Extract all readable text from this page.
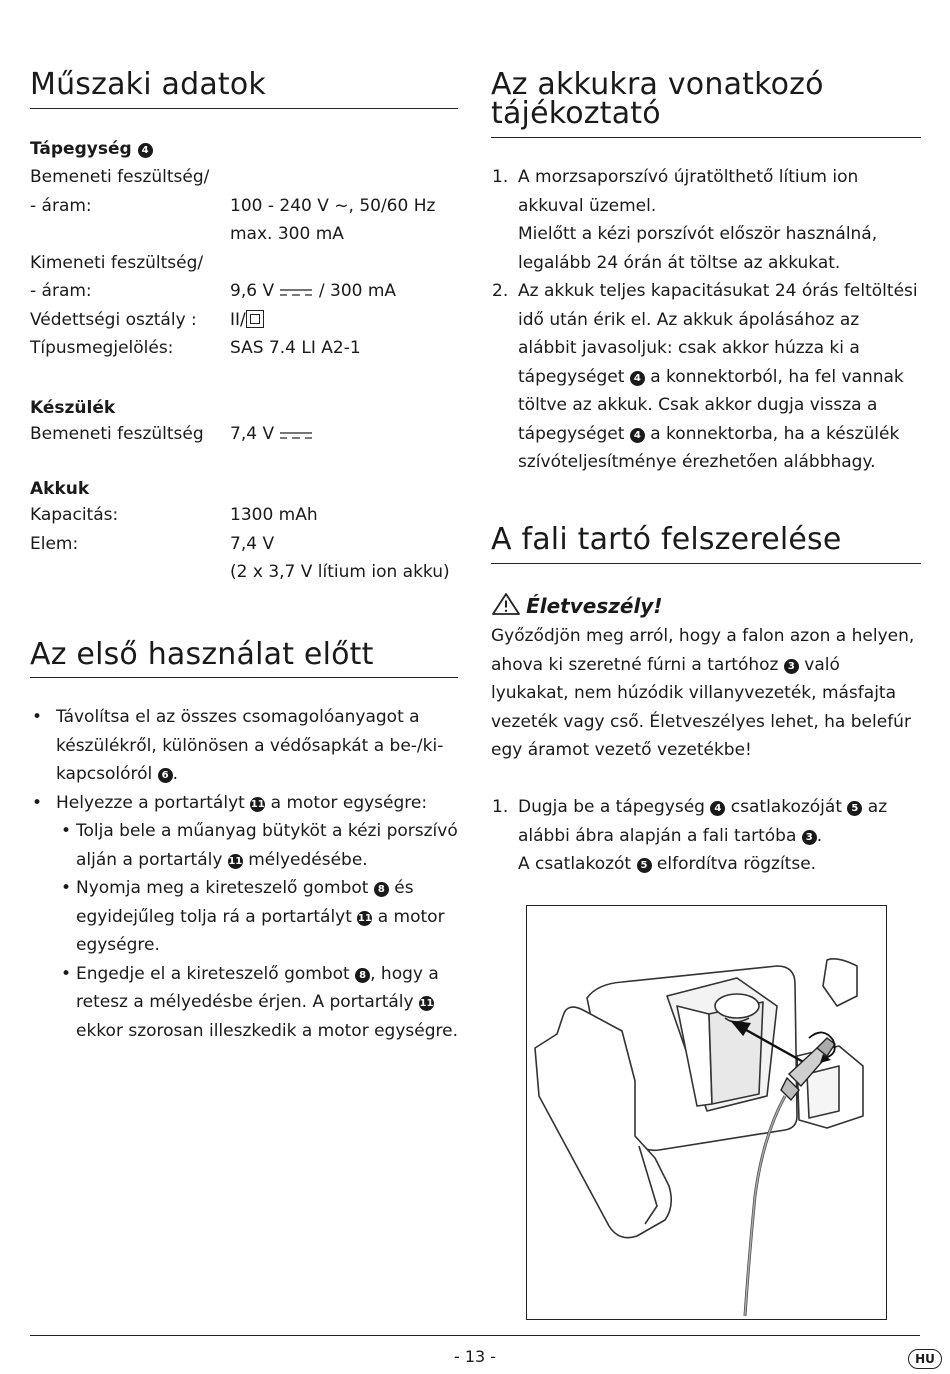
Műszaki adatok
Tápegység 4
Bemeneti feszültség/
- áram:	100 - 240 V ~, 50/60 Hz
max. 300 mA
Kimeneti feszültség/
- áram:	9,6 V	/ 300 mA
Védettségi osztály :	II/
Típusmegjelölés:	SAS 7.4 LI A2-1
Készülék
Bemeneti feszültség	7,4 V
Akkuk
Kapacitás:	1300 mAh
Elem:	7,4 V
(2 x 3,7 V lítium ion akku)
Az első használat előtt
• Távolítsa el az összes csomagolóanyagot a készülékről, különösen a védősapkát a be-/ki-kapcsolóról 6 .
• Helyezze a portartályt 11 a motor egységre:
• Tolja bele a műanyag bütyköt a kézi porszívó alján a portartály 11 mélyedésébe.
• Nyomja meg a kireteszelő gombot 8 és egyidejűleg tolja rá a portartályt 11 a motor egységre.
• Engedje el a kireteszelő gombot 8 , hogy a retesz a mélyedésbe érjen. A portartály 11 ekkor szorosan illeszkedik a motor egységre.
Az akkukra vonatkozó
tájékoztató
1. A morzsaporszívó újratölthető lítium ion akkuval üzemel.
Mielőtt a kézi porszívót először használná, legalább 24 órán át töltse az akkukat.
2. Az akkuk teljes kapacitásukat 24 órás feltöltési idő után érik el. Az akkuk ápolásához az alábbit javasoljuk: csak akkor húzza ki a tápegységet 4 a konnektorból, ha fel vannak töltve az akkuk. Csak akkor dugja vissza a tápegységet 4 a konnektorba, ha a készülék szívóteljesítménye érezhetően alábbhagy.
A fali tartó felszerelése
Életveszély!
Győződjön meg arról, hogy a falon azon a helyen, ahova ki szeretné fúrni a tartóhoz 3 való lyukakat, nem húzódik villanyvezeték, másfajta vezeték vagy cső. Életveszélyes lehet, ha belefúr egy áramot vezető vezetékbe!
1. Dugja be a tápegység 4 csatlakozóját 5 az alábbi ábra alapján a fali tartóba 3 .
A csatlakozót 5 elfordítva rögzítse.
- 13 -	HU
